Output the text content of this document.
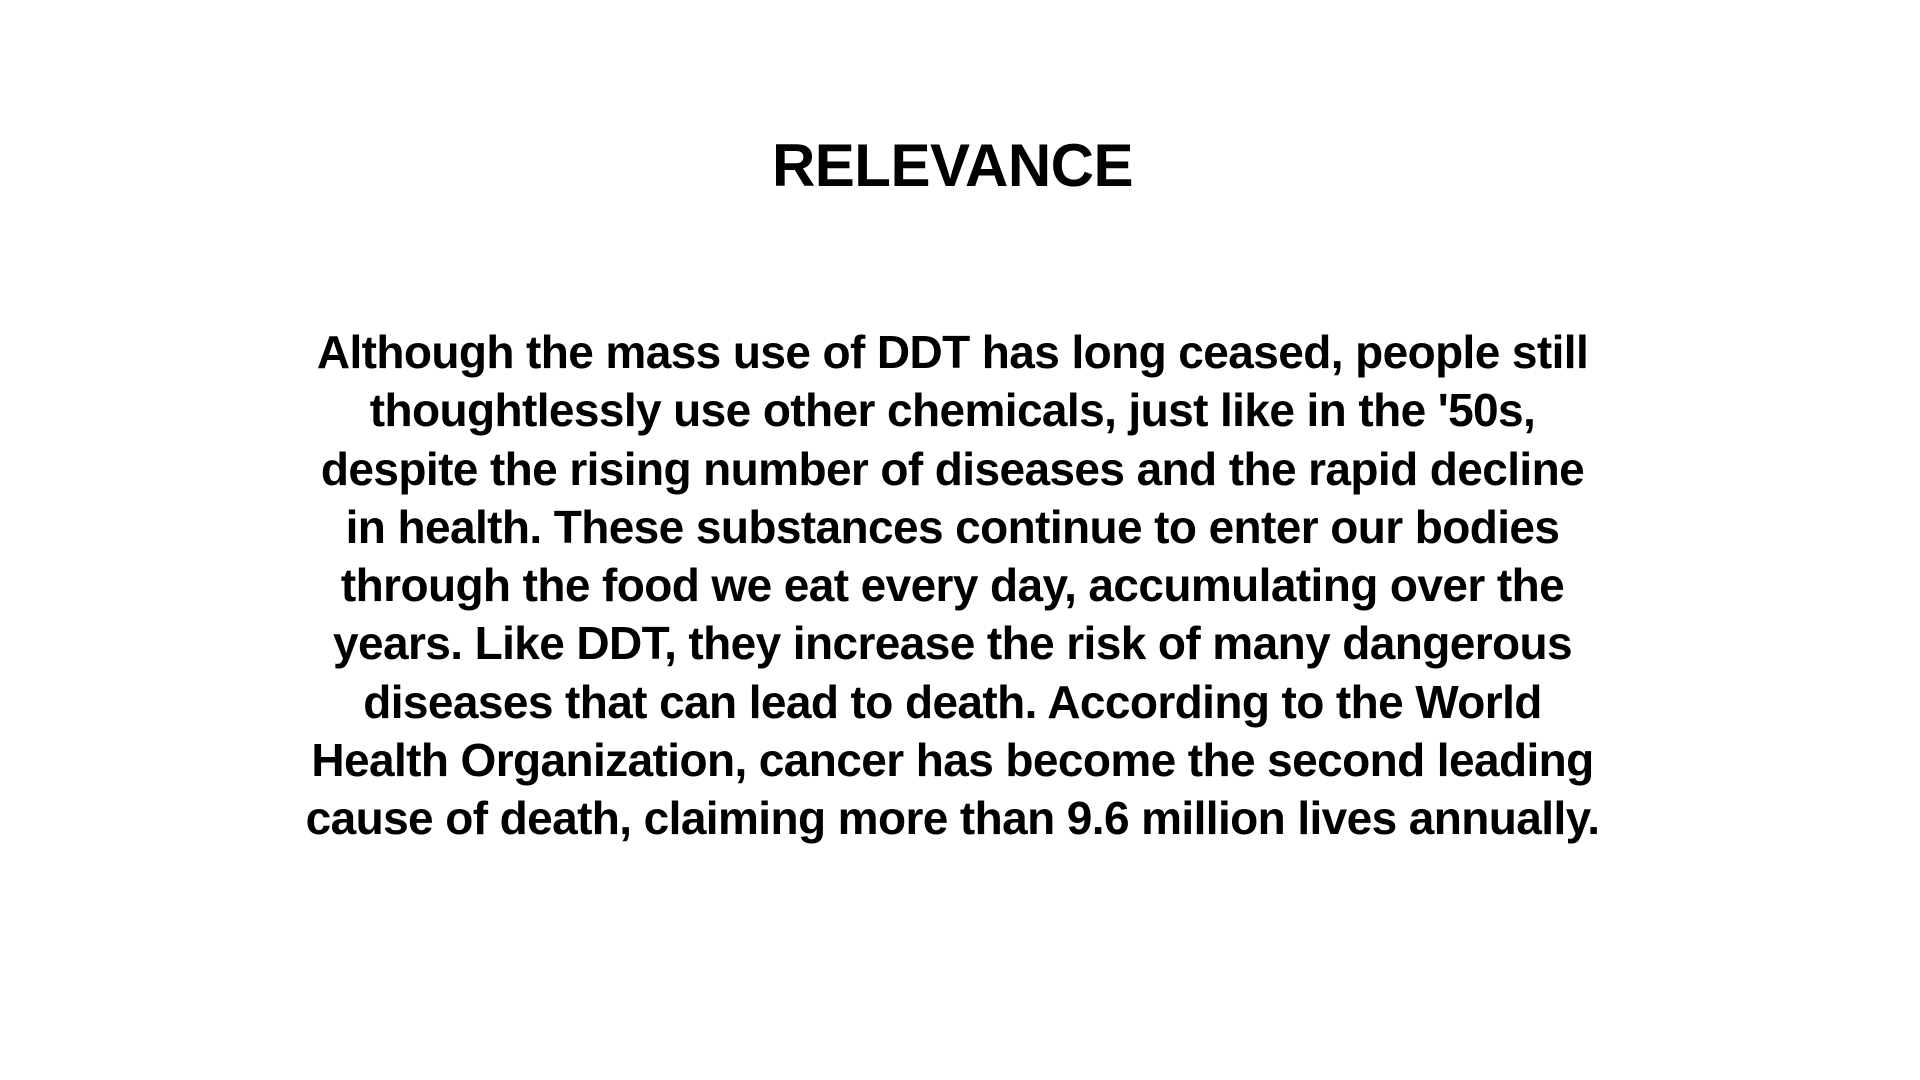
RELEVANCE

Although the mass use of DDT has long ceased, people still
thoughtlessly use other chemicals, just like in the '50s,
despite the rising number of diseases and the rapid decline
in health. These substances continue to enter our bodies
through the food we eat every day, accumulating over the
years. Like DDT, they increase the risk of many dangerous
diseases that can lead to death. According to the World
Health Organization, cancer has become the second leading
cause of death, claiming more than 9.6 million lives annually.
